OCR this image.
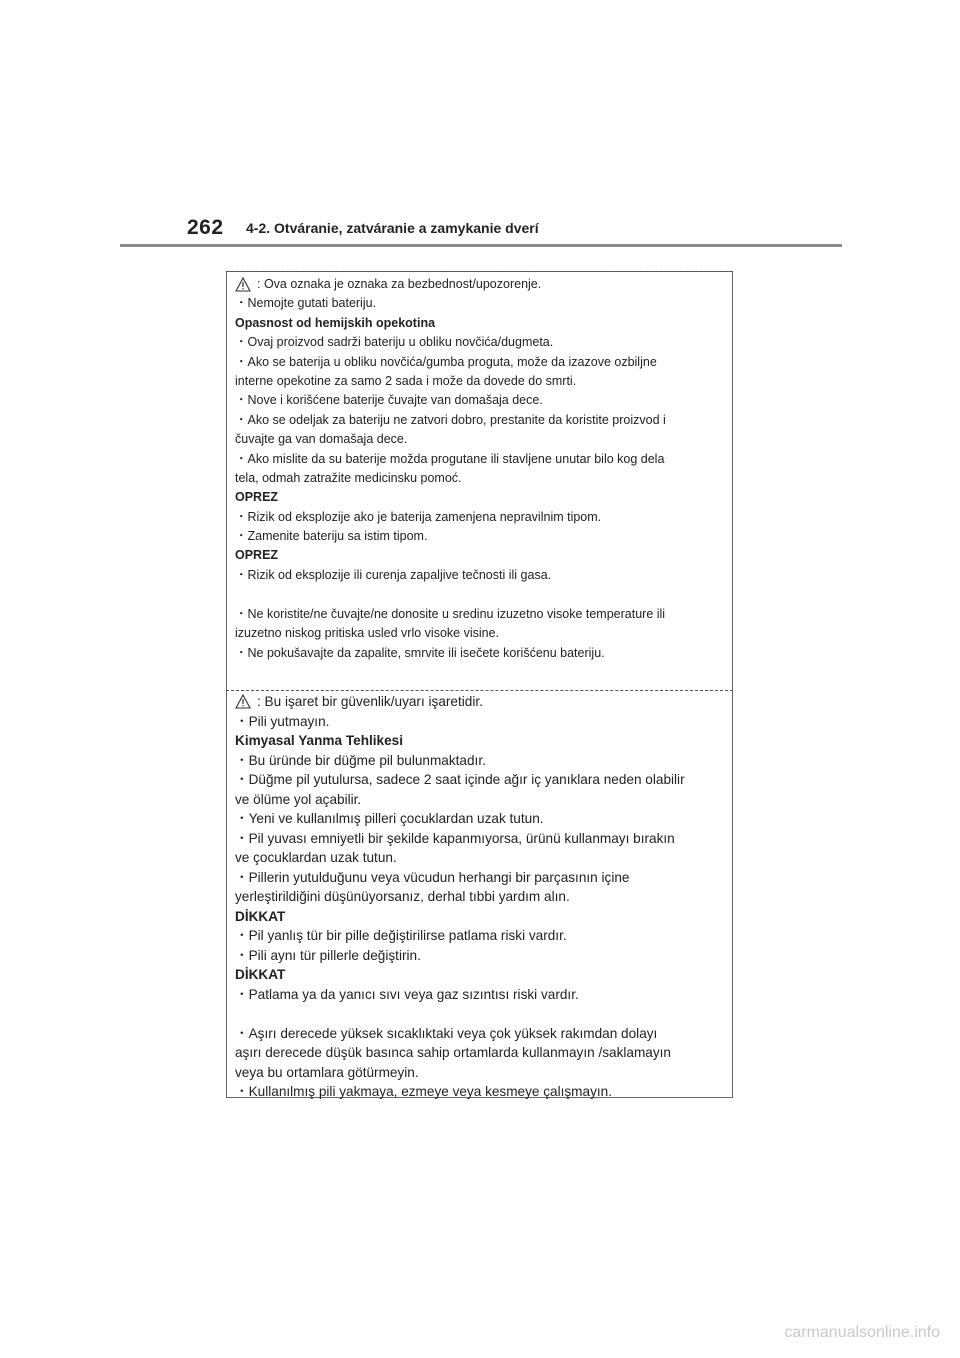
262 4-2. Otváranie, zatváranie a zamykanie dverí
: Ova oznaka je oznaka za bezbednost/upozorenje.
・Nemojte gutati bateriju.
Opasnost od hemijskih opekotina
・Ovaj proizvod sadrži bateriju u obliku novčića/dugmeta.
・Ako se baterija u obliku novčića/gumba proguta, može da izazove ozbiljne
interne opekotine za samo 2 sada i može da dovede do smrti.
・Nove i korišćene baterije čuvajte van domašaja dece.
・Ako se odeljak za bateriju ne zatvori dobro, prestanite da koristite proizvod i
čuvajte ga van domašaja dece.
・Ako mislite da su baterije možda progutane ili stavljene unutar bilo kog dela
tela, odmah zatražite medicinsku pomoć.
OPREZ
・Rizik od eksplozije ako je baterija zamenjena nepravilnim tipom.
・Zamenite bateriju sa istim tipom.
OPREZ
・Rizik od eksplozije ili curenja zapaljive tečnosti ili gasa.
・Ne koristite/ne čuvajte/ne donosite u sredinu izuzetno visoke temperature ili
izuzetno niskog pritiska usled vrlo visoke visine.
・Ne pokušavajte da zapalite, smrvite ili isečete korišćenu bateriju.
: Bu işaret bir güvenlik/uyarı işaretidir.
・Pili yutmayın.
Kimyasal Yanma Tehlikesi
・Bu üründe bir düğme pil bulunmaktadır.
・Düğme pil yutulursa, sadece 2 saat içinde ağır iç yanıklara neden olabilir
ve ölüme yol açabilir.
・Yeni ve kullanılmış pilleri çocuklardan uzak tutun.
・Pil yuvası emniyetli bir şekilde kapanmıyorsa, ürünü kullanmayı bırakın
ve çocuklardan uzak tutun.
・Pillerin yutulduğunu veya vücudun herhangi bir parçasının içine
yerleştirildiğini düşünüyorsanız, derhal tıbbi yardım alın.
DİKKAT
・Pil yanlış tür bir pille değiştirilirse patlama riski vardır.
・Pili aynı tür pillerle değiştirin.
DİKKAT
・Patlama ya da yanıcı sıvı veya gaz sızıntısı riski vardır.
・Aşırı derecede yüksek sıcaklıktaki veya çok yüksek rakımdan dolayı
aşırı derecede düşük basınca sahip ortamlarda kullanmayın /saklamayın
veya bu ortamlara götürmeyin.
・Kullanılmış pili yakmaya, ezmeye veya kesmeye çalışmayın.
carmanualsonline.info
